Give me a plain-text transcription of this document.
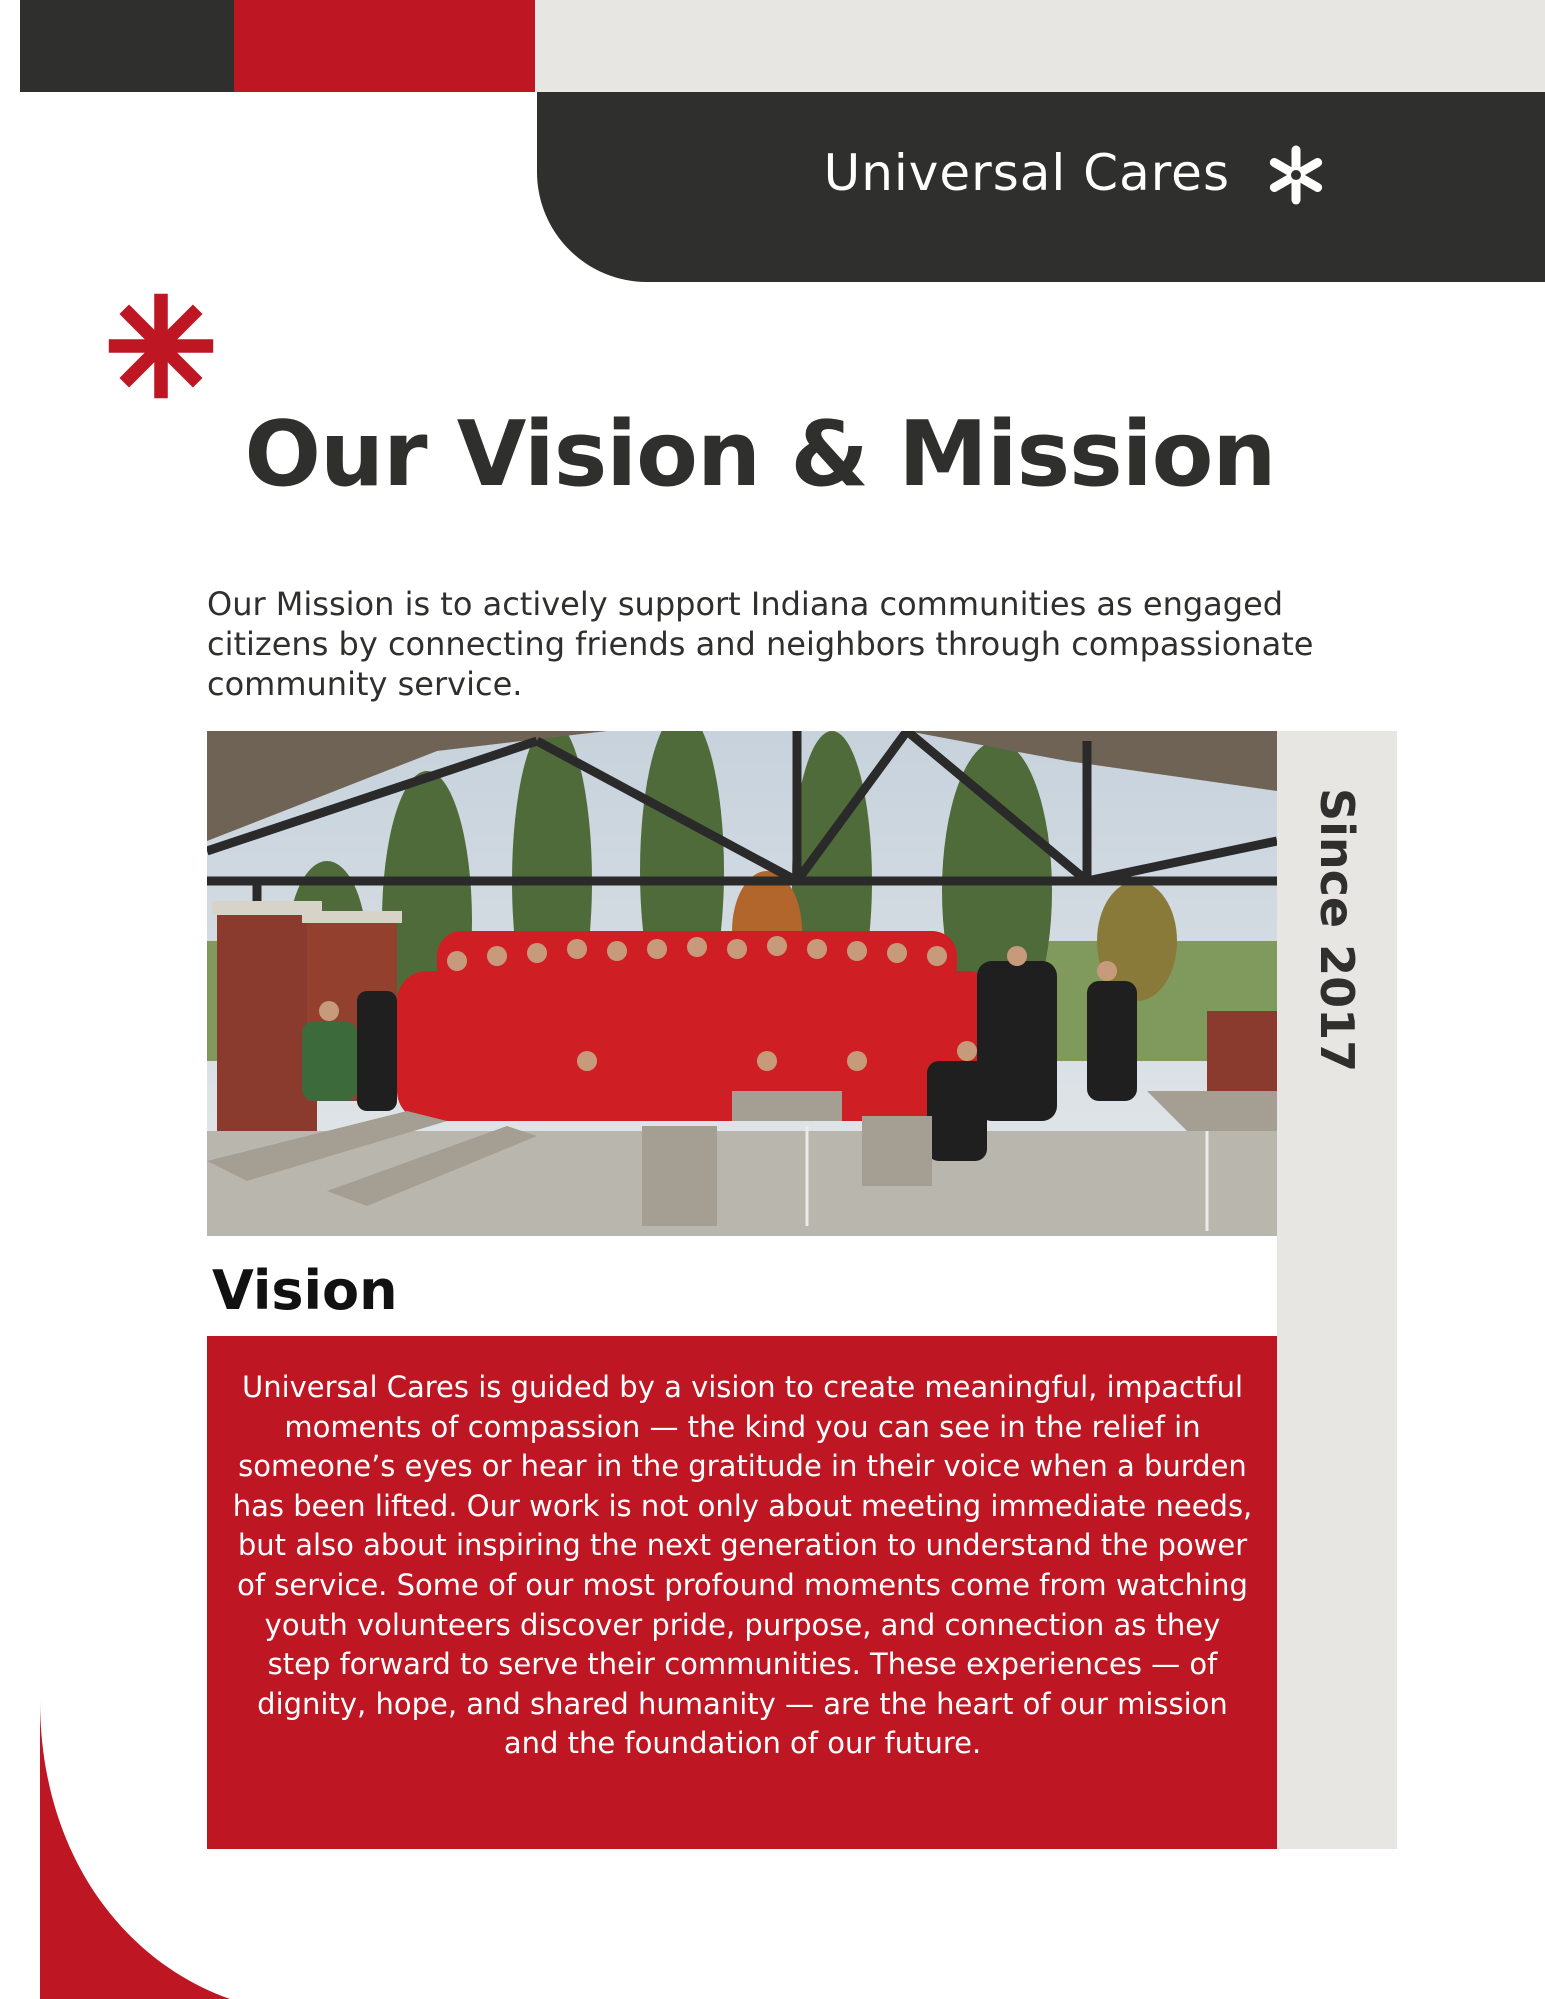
Universal Cares
Our Vision & Mission
Our Mission is to actively support Indiana communities as engaged citizens by connecting friends and neighbors through compassionate community service.
Since 2017
Vision
Universal Cares is guided by a vision to create meaningful, impactful moments of compassion — the kind you can see in the relief in someone’s eyes or hear in the gratitude in their voice when a burden has been lifted. Our work is not only about meeting immediate needs, but also about inspiring the next generation to understand the power of service. Some of our most profound moments come from watching youth volunteers discover pride, purpose, and connection as they step forward to serve their communities. These experiences — of dignity, hope, and shared humanity — are the heart of our mission and the foundation of our future.
